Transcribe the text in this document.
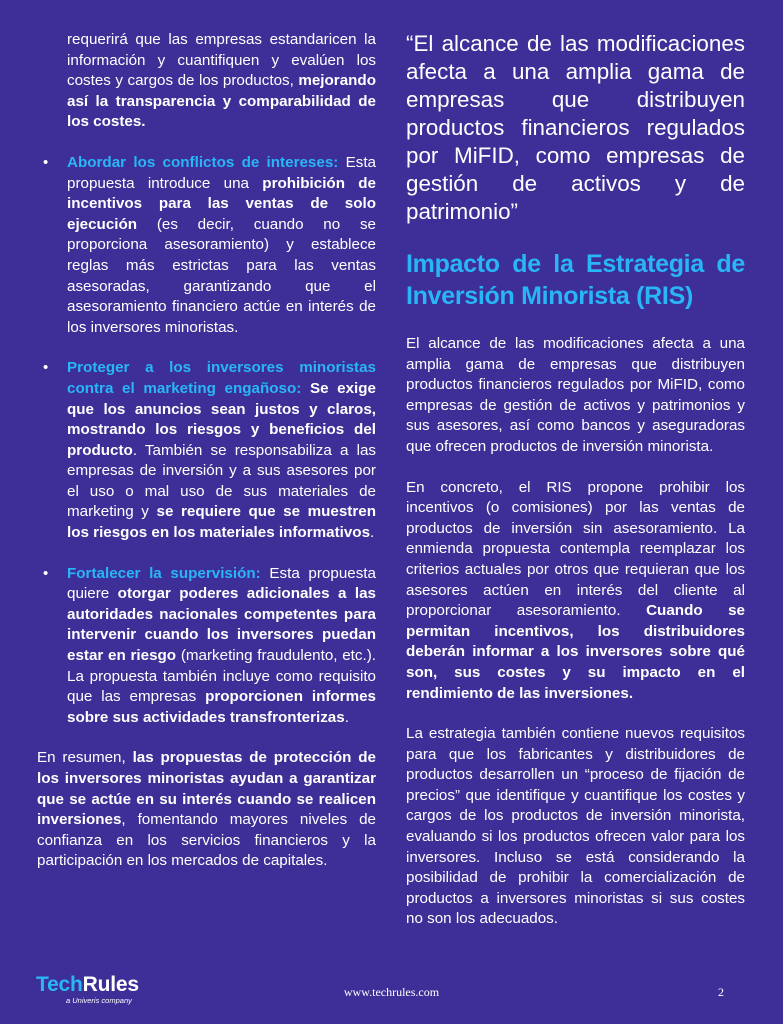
requerirá que las empresas estandaricen la información y cuantifiquen y evalúen los costes y cargos de los productos, mejorando así la transparencia y comparabilidad de los costes.

• Abordar los conflictos de intereses: Esta propuesta introduce una prohibición de incentivos para las ventas de solo ejecución (es decir, cuando no se proporciona asesoramiento) y establece reglas más estrictas para las ventas asesoradas, garantizando que el asesoramiento financiero actúe en interés de los inversores minoristas.
• Proteger a los inversores minoristas contra el marketing engañoso: Se exige que los anuncios sean justos y claros, mostrando los riesgos y beneficios del producto. También se responsabiliza a las empresas de inversión y a sus asesores por el uso o mal uso de sus materiales de marketing y se requiere que se muestren los riesgos en los materiales informativos.
• Fortalecer la supervisión: Esta propuesta quiere otorgar poderes adicionales a las autoridades nacionales competentes para intervenir cuando los inversores puedan estar en riesgo (marketing fraudulento, etc.). La propuesta también incluye como requisito que las empresas proporcionen informes sobre sus actividades transfronterizas.

En resumen, las propuestas de protección de los inversores minoristas ayudan a garantizar que se actúe en su interés cuando se realicen inversiones, fomentando mayores niveles de confianza en los servicios financieros y la participación en los mercados de capitales.

“El alcance de las modificaciones afecta a una amplia gama de empresas que distribuyen productos financieros regulados por MiFID, como empresas de gestión de activos y de patrimonio”

Impacto de la Estrategia de Inversión Minorista (RIS)

El alcance de las modificaciones afecta a una amplia gama de empresas que distribuyen productos financieros regulados por MiFID, como empresas de gestión de activos y patrimonios y sus asesores, así como bancos y aseguradoras que ofrecen productos de inversión minorista.

En concreto, el RIS propone prohibir los incentivos (o comisiones) por las ventas de productos de inversión sin asesoramiento. La enmienda propuesta contempla reemplazar los criterios actuales por otros que requieran que los asesores actúen en interés del cliente al proporcionar asesoramiento. Cuando se permitan incentivos, los distribuidores deberán informar a los inversores sobre qué son, sus costes y su impacto en el rendimiento de las inversiones.

La estrategia también contiene nuevos requisitos para que los fabricantes y distribuidores de productos desarrollen un “proceso de fijación de precios” que identifique y cuantifique los costes y cargos de los productos de inversión minorista, evaluando si los productos ofrecen valor para los inversores. Incluso se está considerando la posibilidad de prohibir la comercialización de productos a inversores minoristas si sus costes no son los adecuados.

TechRules
a Univeris company
www.techrules.com	2
